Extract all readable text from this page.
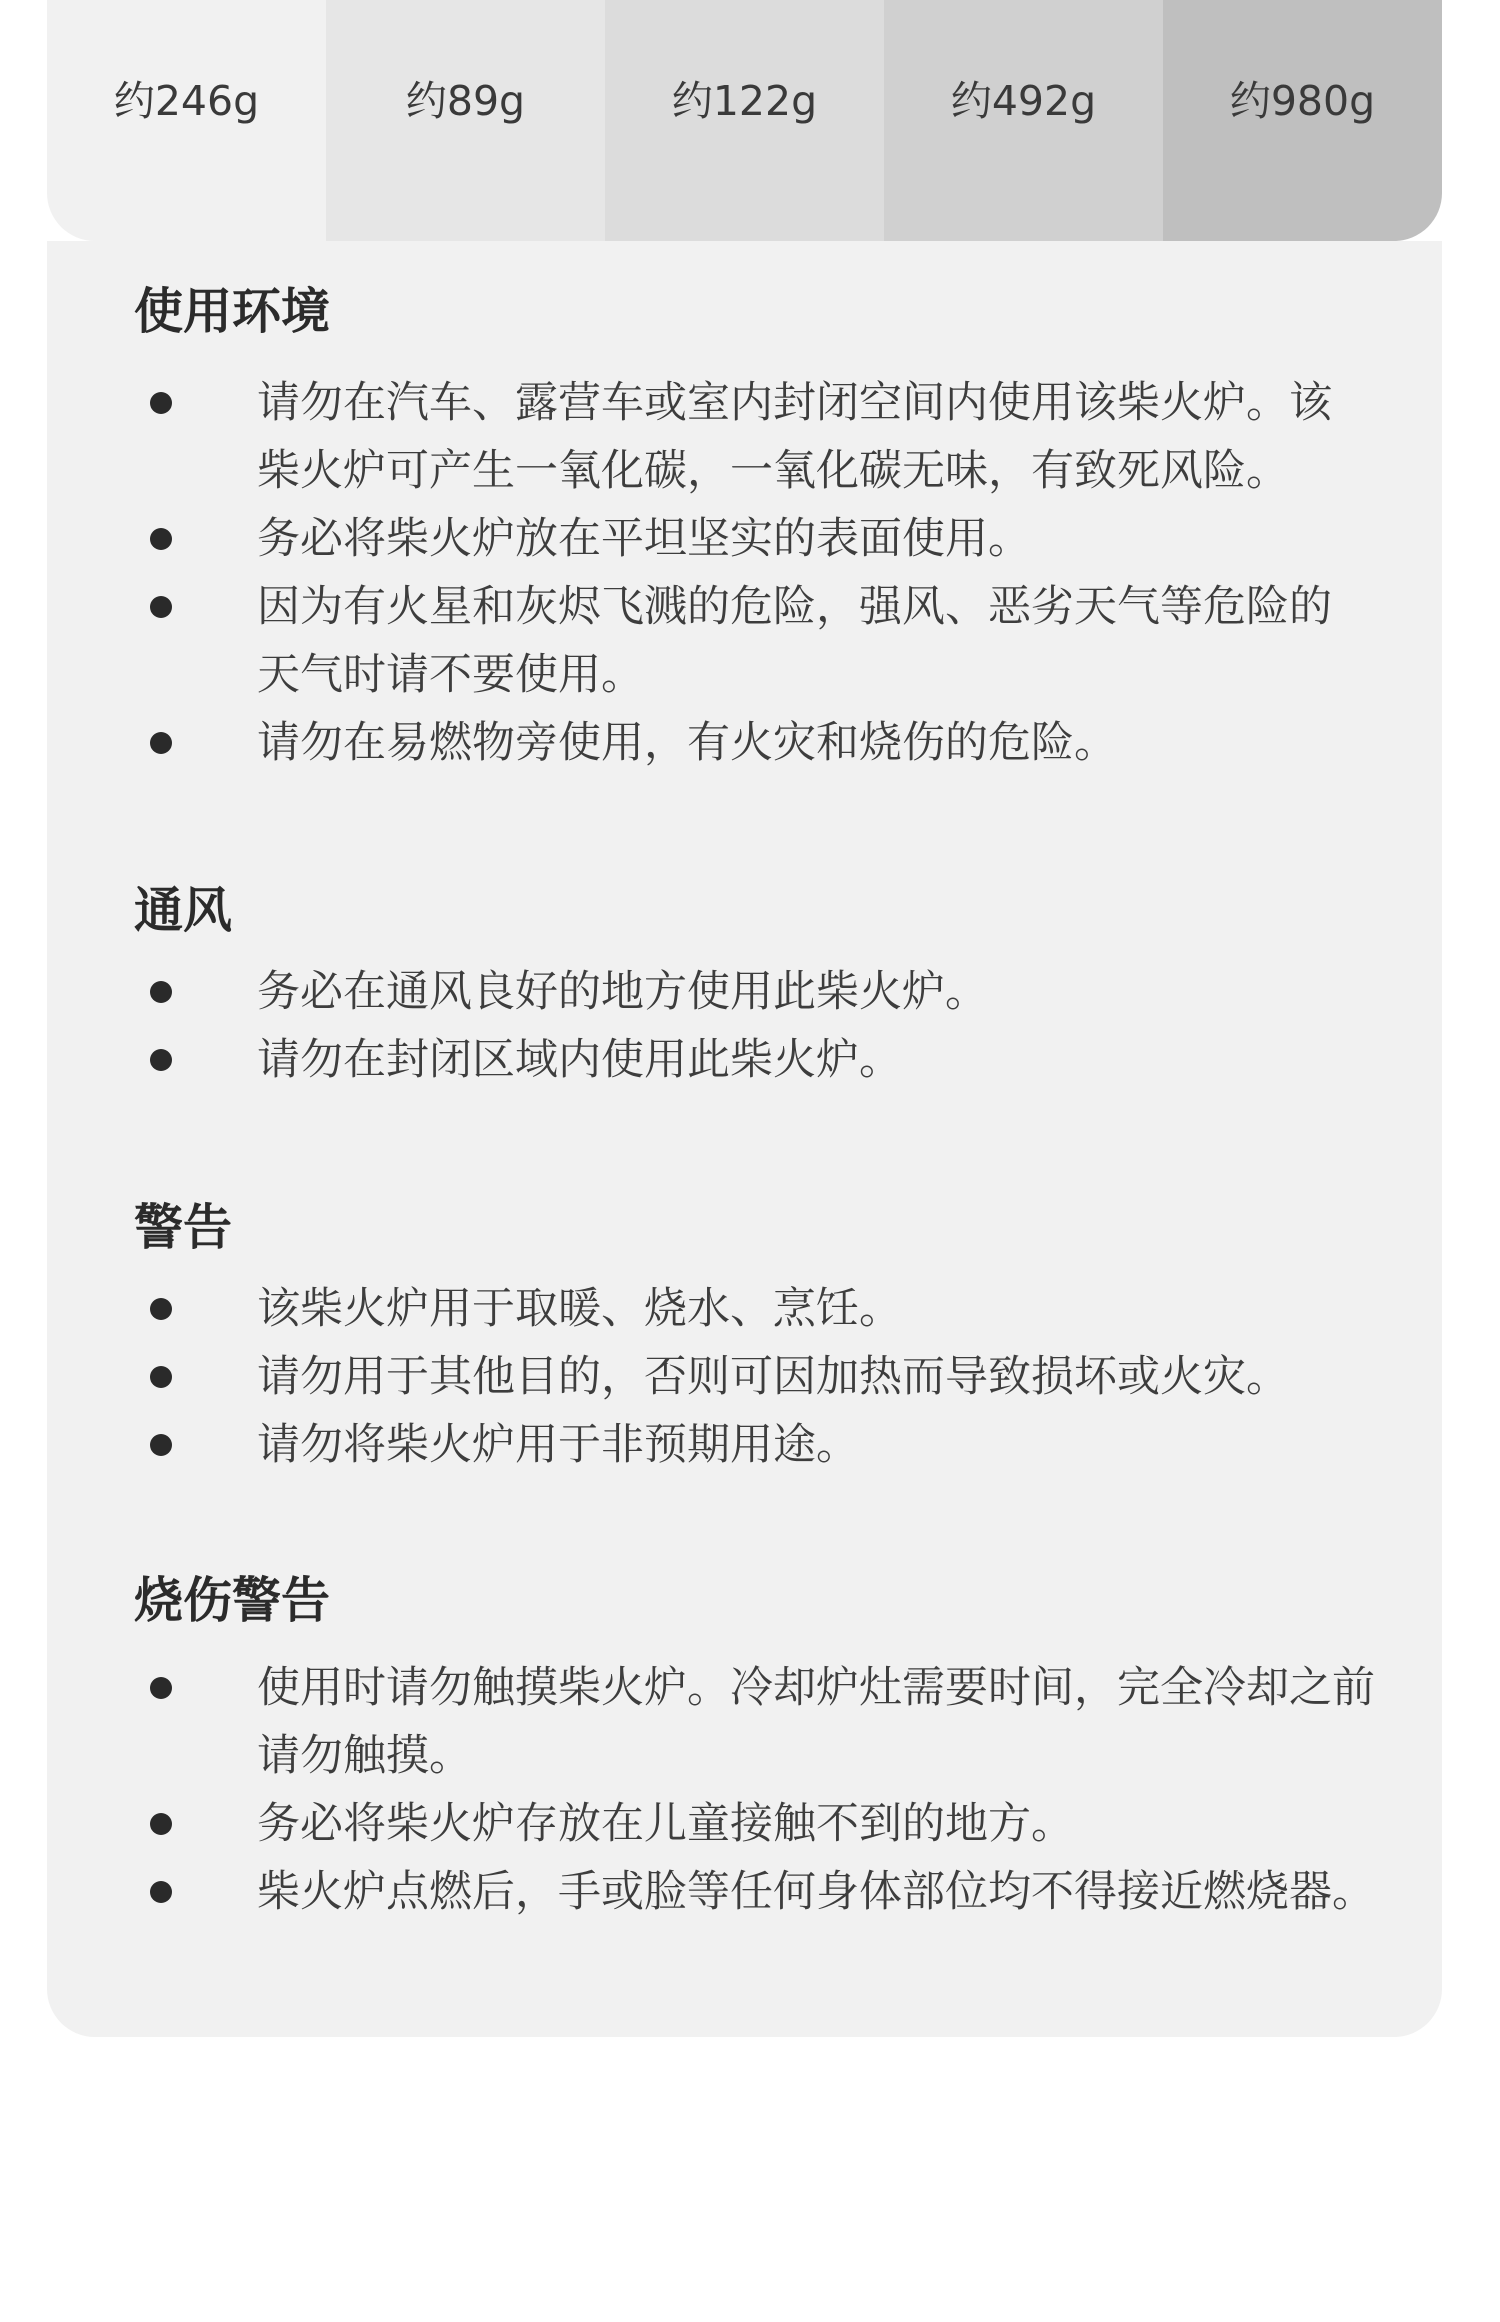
约246g	约89g	约122g	约492g	约980g
使用环境
请勿在汽车、露营车或室内封闭空间内使用该柴火炉。该
柴火炉可产生一氧化碳，一氧化碳无味，有致死风险。
务必将柴火炉放在平坦坚实的表面使用。
因为有火星和灰烬飞溅的危险，强风、恶劣天气等危险的
天气时请不要使用。
请勿在易燃物旁使用，有火灾和烧伤的危险。
通风
务必在通风良好的地方使用此柴火炉。
请勿在封闭区域内使用此柴火炉。
警告
该柴火炉用于取暖、烧水、烹饪。
请勿用于其他目的，否则可因加热而导致损坏或火灾。
请勿将柴火炉用于非预期用途。
烧伤警告
使用时请勿触摸柴火炉。冷却炉灶需要时间，完全冷却之前
请勿触摸。
务必将柴火炉存放在儿童接触不到的地方。
柴火炉点燃后，手或脸等任何身体部位均不得接近燃烧器。
